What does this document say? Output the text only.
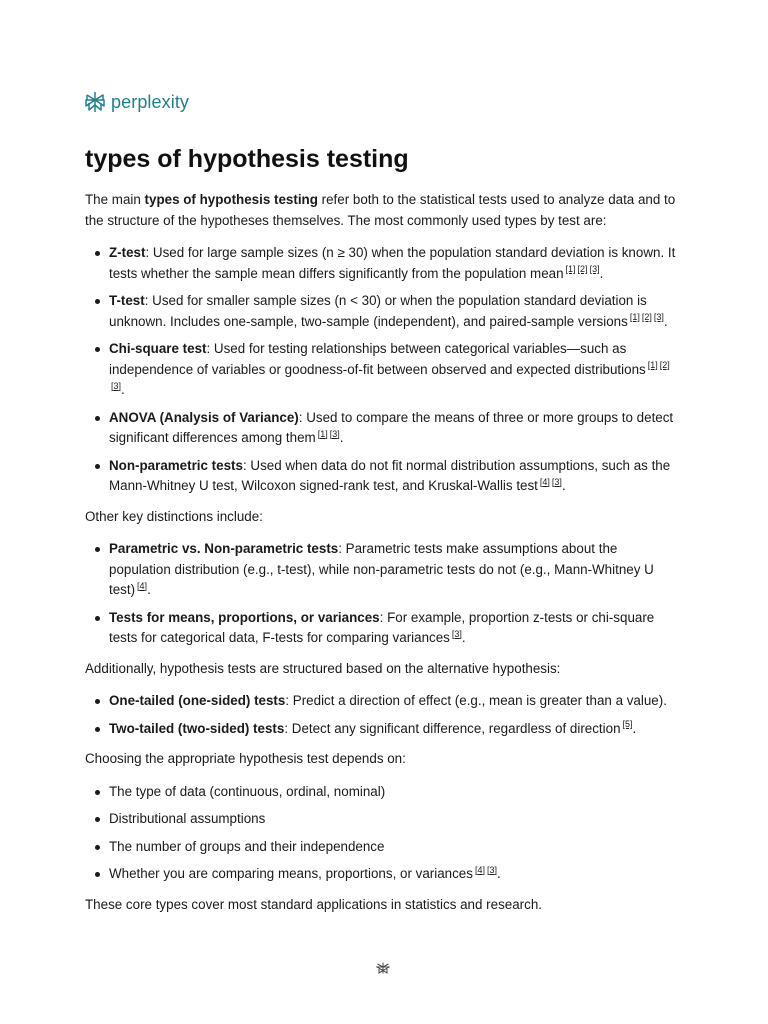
perplexity
types of hypothesis testing

The main types of hypothesis testing refer both to the statistical tests used to analyze data and to the structure of the hypotheses themselves. The most commonly used types by test are:

Z-test: Used for large sample sizes (n ≥ 30) when the population standard deviation is known. It tests whether the sample mean differs significantly from the population mean [1] [2] [3].
T-test: Used for smaller sample sizes (n < 30) or when the population standard deviation is unknown. Includes one-sample, two-sample (independent), and paired-sample versions [1] [2] [3].
Chi-square test: Used for testing relationships between categorical variables—such as independence of variables or goodness-of-fit between observed and expected distributions [1] [2][3].
ANOVA (Analysis of Variance): Used to compare the means of three or more groups to detect significant differences among them [1] [3].
Non-parametric tests: Used when data do not fit normal distribution assumptions, such as the Mann-Whitney U test, Wilcoxon signed-rank test, and Kruskal-Wallis test [4] [3].

Other key distinctions include:

Parametric vs. Non-parametric tests: Parametric tests make assumptions about the population distribution (e.g., t-test), while non-parametric tests do not (e.g., Mann-Whitney U test) [4].
Tests for means, proportions, or variances: For example, proportion z-tests or chi-square tests for categorical data, F-tests for comparing variances [3].

Additionally, hypothesis tests are structured based on the alternative hypothesis:

One-tailed (one-sided) tests: Predict a direction of effect (e.g., mean is greater than a value).
Two-tailed (two-sided) tests: Detect any significant difference, regardless of direction [5].

Choosing the appropriate hypothesis test depends on:

The type of data (continuous, ordinal, nominal)
Distributional assumptions
The number of groups and their independence
Whether you are comparing means, proportions, or variances [4] [3].

These core types cover most standard applications in statistics and research.
